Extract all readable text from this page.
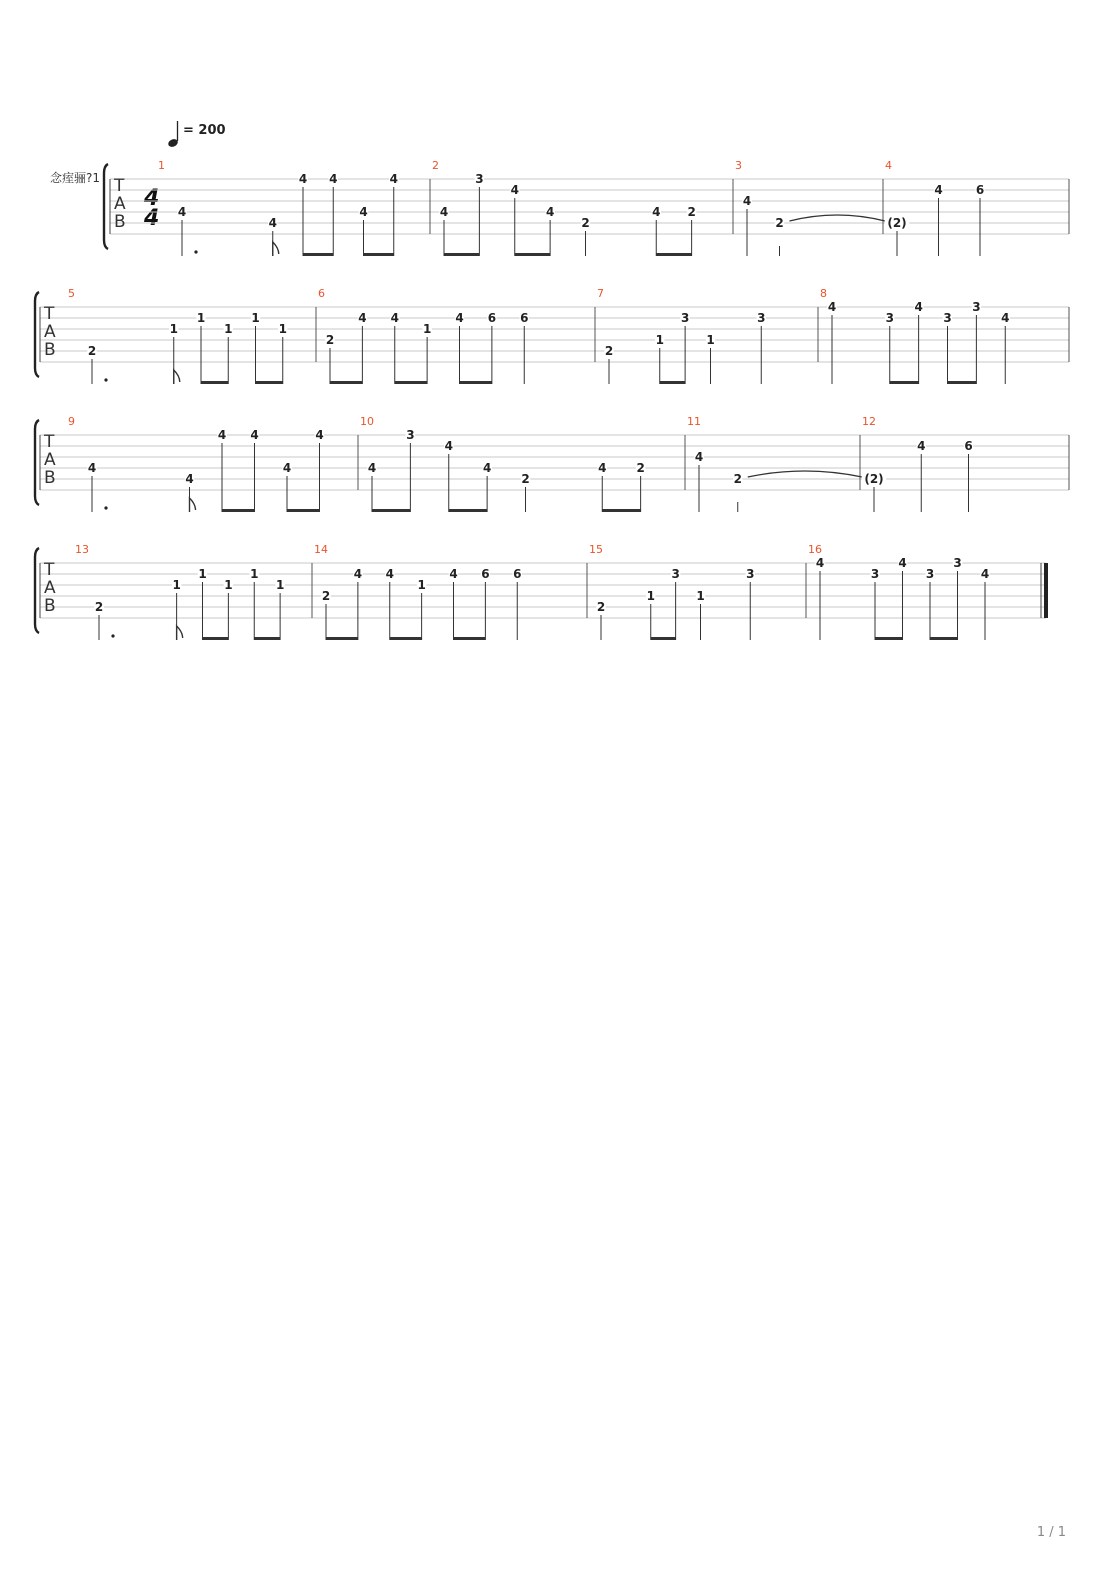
= 200
念痓骊?1
4
4
T
A
B
1
4
4
4 4
4
4
2
4
3
4
4
2
4 2
3
4
2
4
(2)
4	6
T
A
B
5
2
1
1
1
1
1
6
2
4 4
1
4 6 6
7
2
1
3
1
3
8
4
3
4
3
3
4
T
A
B
9
4
4
4 4
4
4
10
4
3
4
4
2
4	2
11
4
2
12
(2)
4	6
T
A
B
13
2
1
1
1
1
1
14
2
4 4
1
4 6 6
15
2
1
3
1
3
16
4
3
4
3
3
4
1 / 1
